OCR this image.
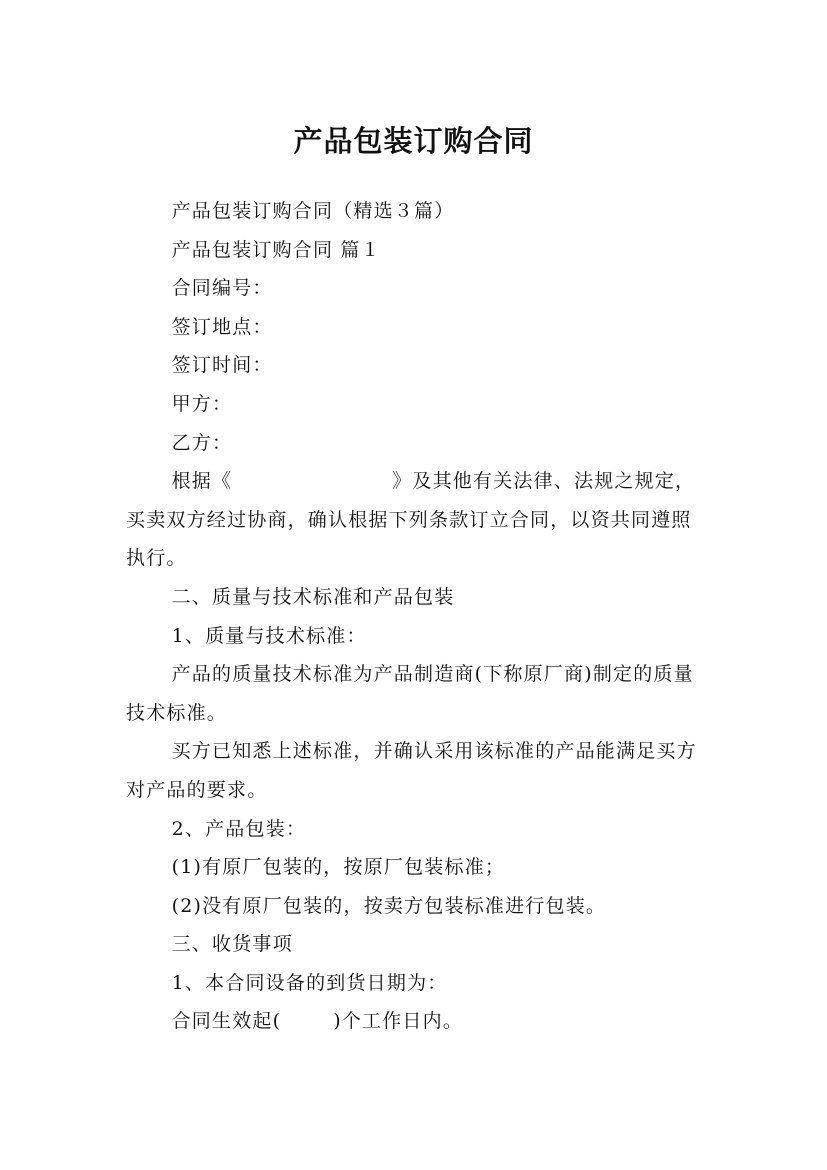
产品包装订购合同

产品包装订购合同（精选３篇）

产品包装订购合同 篇１

合同编号：

签订地点：

签订时间：

甲方：

乙方：

根据《	》及其他有关法律、法规之规定，买卖双方经过协商，确认根据下列条款订立合同，以资共同遵照执行。

二、质量与技术标准和产品包装

1、质量与技术标准：

产品的质量技术标准为产品制造商(下称原厂商)制定的质量技术标准。

买方已知悉上述标准，并确认采用该标准的产品能满足买方对产品的要求。

2、产品包装：

(1)有原厂包装的，按原厂包装标准；

(2)没有原厂包装的，按卖方包装标准进行包装。

三、收货事项

1、本合同设备的到货日期为：

合同生效起(	)个工作日内。
